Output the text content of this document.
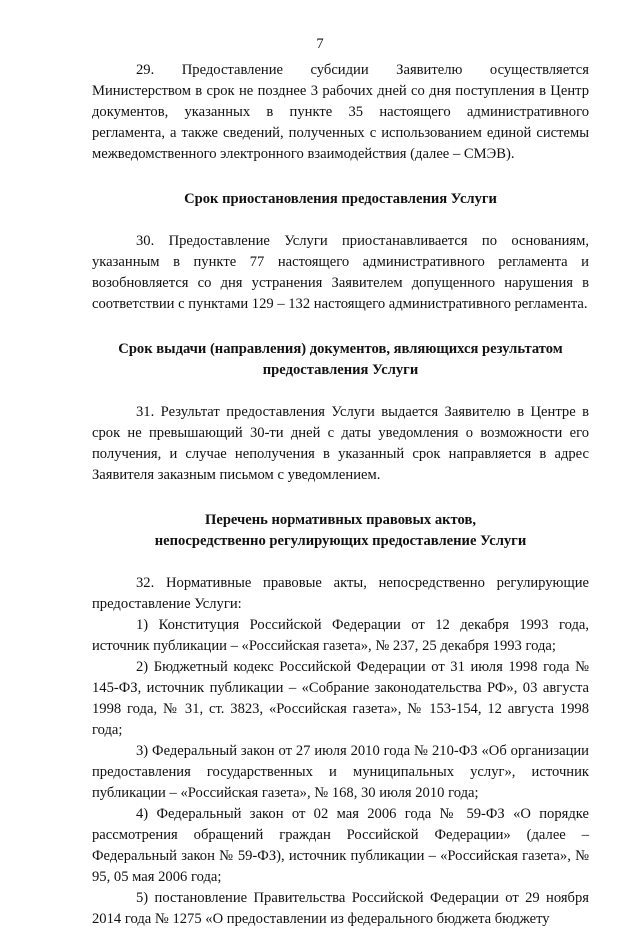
7

29. Предоставление субсидии Заявителю осуществляется Министерством в срок не позднее 3 рабочих дней со дня поступления в Центр документов, указанных в пункте 35 настоящего административного регламента, а также сведений, полученных с использованием единой системы межведомственного электронного взаимодействия (далее – СМЭВ).

Срок приостановления предоставления Услуги

30. Предоставление Услуги приостанавливается по основаниям, указанным в пункте 77 настоящего административного регламента и возобновляется со дня устранения Заявителем допущенного нарушения в соответствии с пунктами 129 – 132 настоящего административного регламента.

Срок выдачи (направления) документов, являющихся результатом
предоставления Услуги

31. Результат предоставления Услуги выдается Заявителю в Центре в срок не превышающий 30-ти дней с даты уведомления о возможности его получения, и случае неполучения в указанный срок направляется в адрес Заявителя заказным письмом с уведомлением.

Перечень нормативных правовых актов,
непосредственно регулирующих предоставление Услуги

32. Нормативные правовые акты, непосредственно регулирующие предоставление Услуги:

1) Конституция Российской Федерации от 12 декабря 1993 года, источник публикации – «Российская газета», № 237, 25 декабря 1993 года;

2) Бюджетный кодекс Российской Федерации от 31 июля 1998 года № 145-ФЗ, источник публикации – «Собрание законодательства РФ», 03 августа 1998 года, № 31, ст. 3823, «Российская газета», № 153-154, 12 августа 1998 года;

3) Федеральный закон от 27 июля 2010 года № 210-ФЗ «Об организации предоставления государственных и муниципальных услуг», источник публикации – «Российская газета», № 168, 30 июля 2010 года;

4) Федеральный закон от 02 мая 2006 года № 59-ФЗ «О порядке рассмотрения обращений граждан Российской Федерации» (далее – Федеральный закон № 59-ФЗ), источник публикации – «Российская газета», № 95, 05 мая 2006 года;

5) постановление Правительства Российской Федерации от 29 ноября 2014 года № 1275 «О предоставлении из федерального бюджета бюджету
